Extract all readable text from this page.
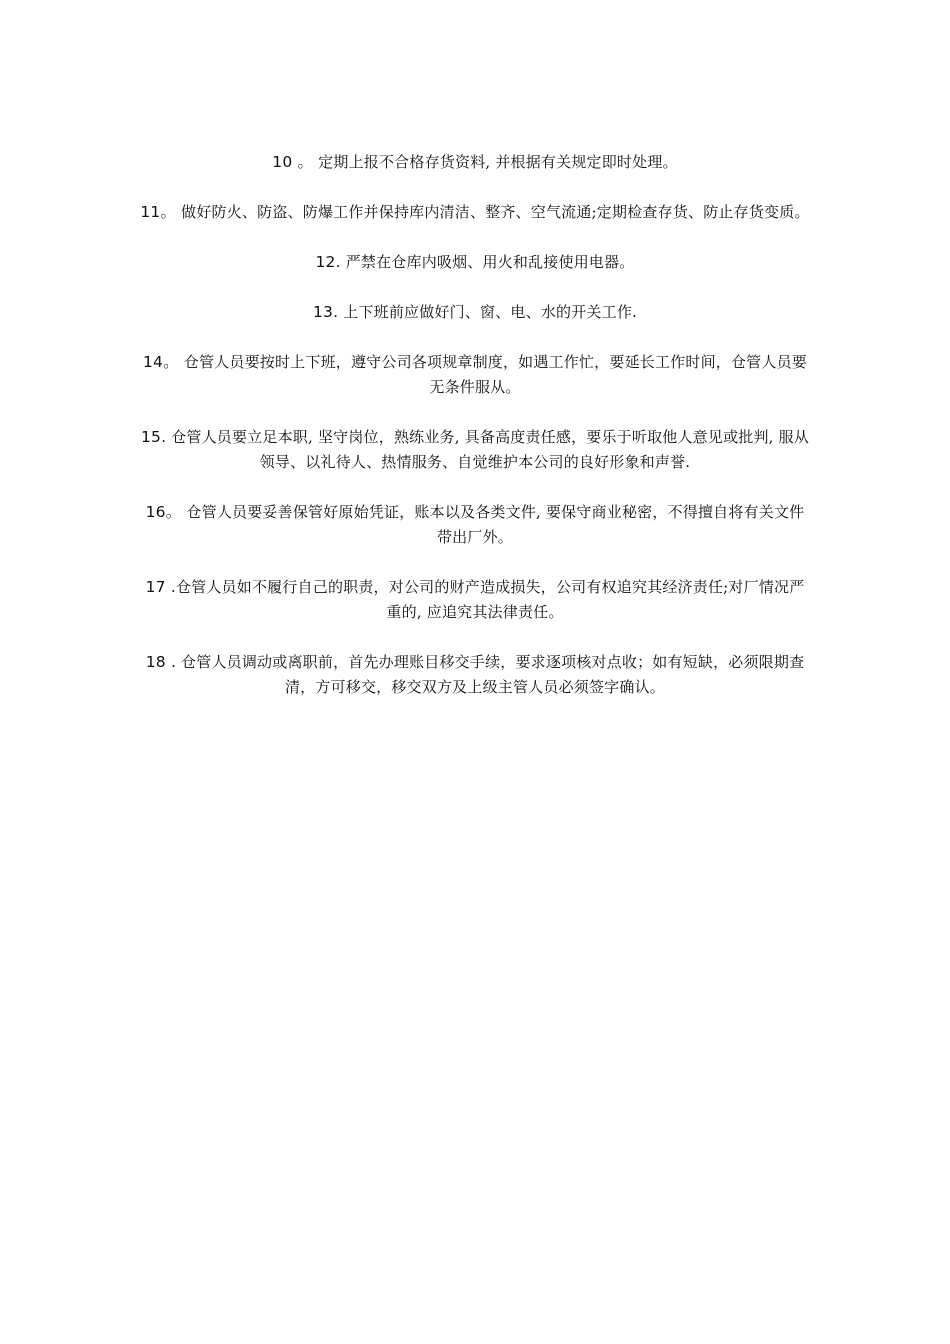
10 。 定期上报不合格存货资料, 并根据有关规定即时处理。

11。 做好防火、防盗、防爆工作并保持库内清洁、整齐、空气流通;定期检查存货、防止存货变质。

12. 严禁在仓库内吸烟、用火和乱接使用电器。

13. 上下班前应做好门、窗、电、水的开关工作.

14。 仓管人员要按时上下班，遵守公司各项规章制度，如遇工作忙，要延长工作时间，仓管人员要无条件服从。

15. 仓管人员要立足本职, 坚守岗位，熟练业务, 具备高度责任感，要乐于听取他人意见或批判, 服从领导、以礼待人、热情服务、自觉维护本公司的良好形象和声誉.

16。 仓管人员要妥善保管好原始凭证，账本以及各类文件, 要保守商业秘密，不得擅自将有关文件带出厂外。

17 .仓管人员如不履行自己的职责，对公司的财产造成损失，公司有权追究其经济责任;对厂情况严重的, 应追究其法律责任。

18 . 仓管人员调动或离职前，首先办理账目移交手续，要求逐项核对点收；如有短缺，必须限期查清，方可移交，移交双方及上级主管人员必须签字确认。
